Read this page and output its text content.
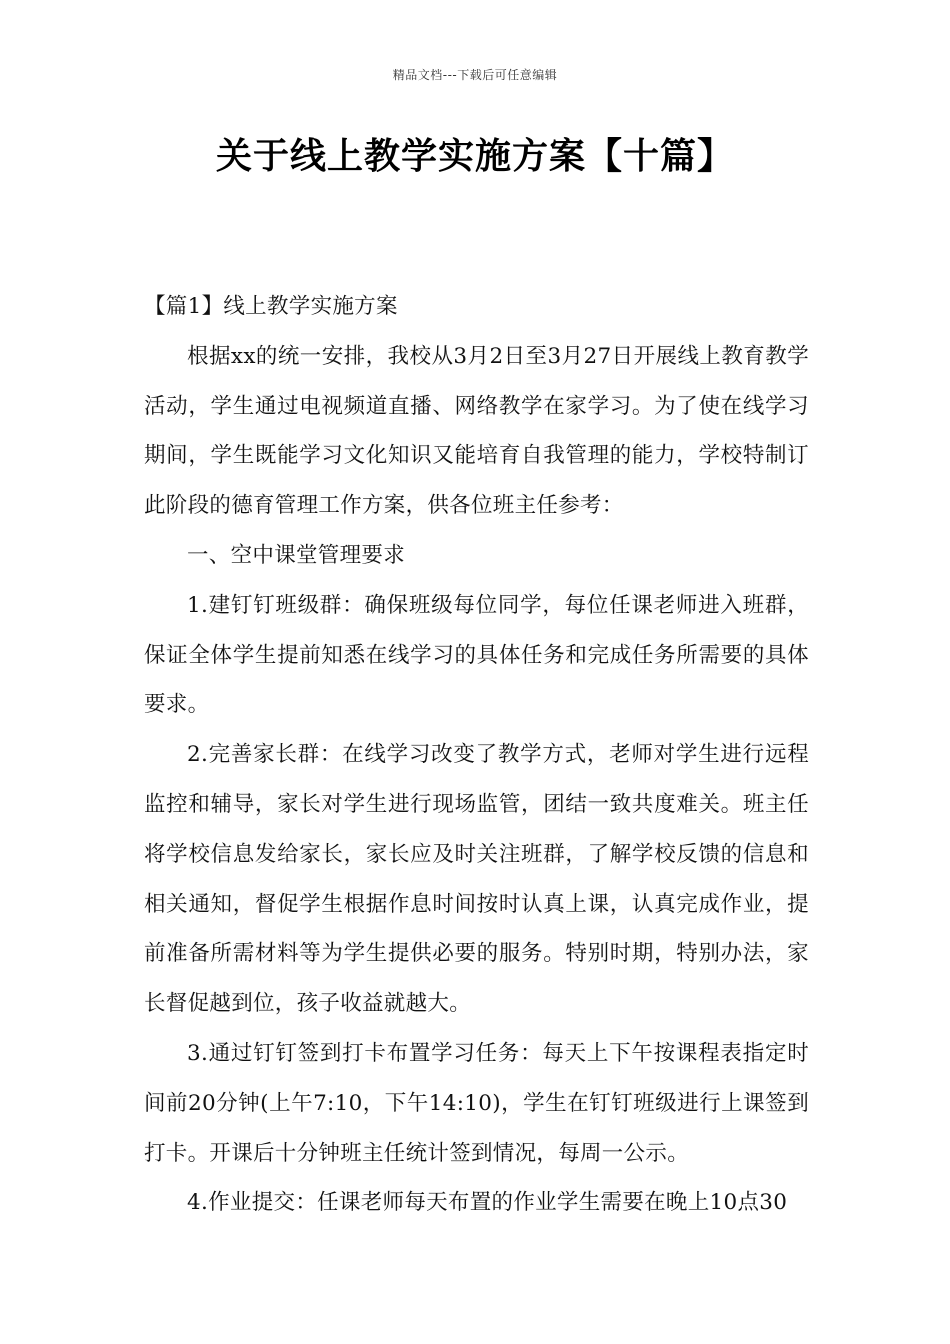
精品文档---下载后可任意编辑
关于线上教学实施方案【十篇】

【篇1】线上教学实施方案

根据xx的统一安排，我校从3月2日至3月27日开展线上教育教学活动，学生通过电视频道直播、网络教学在家学习。为了使在线学习期间，学生既能学习文化知识又能培育自我管理的能力，学校特制订此阶段的德育管理工作方案，供各位班主任参考：

一、空中课堂管理要求

1.建钉钉班级群：确保班级每位同学，每位任课老师进入班群，保证全体学生提前知悉在线学习的具体任务和完成任务所需要的具体要求。

2.完善家长群：在线学习改变了教学方式，老师对学生进行远程监控和辅导，家长对学生进行现场监管，团结一致共度难关。班主任将学校信息发给家长，家长应及时关注班群，了解学校反馈的信息和相关通知，督促学生根据作息时间按时认真上课，认真完成作业，提前准备所需材料等为学生提供必要的服务。特别时期，特别办法，家长督促越到位，孩子收益就越大。

3.通过钉钉签到打卡布置学习任务：每天上下午按课程表指定时间前20分钟(上午7:10，下午14:10)，学生在钉钉班级进行上课签到打卡。开课后十分钟班主任统计签到情况，每周一公示。

4.作业提交：任课老师每天布置的作业学生需要在晚上10点30
